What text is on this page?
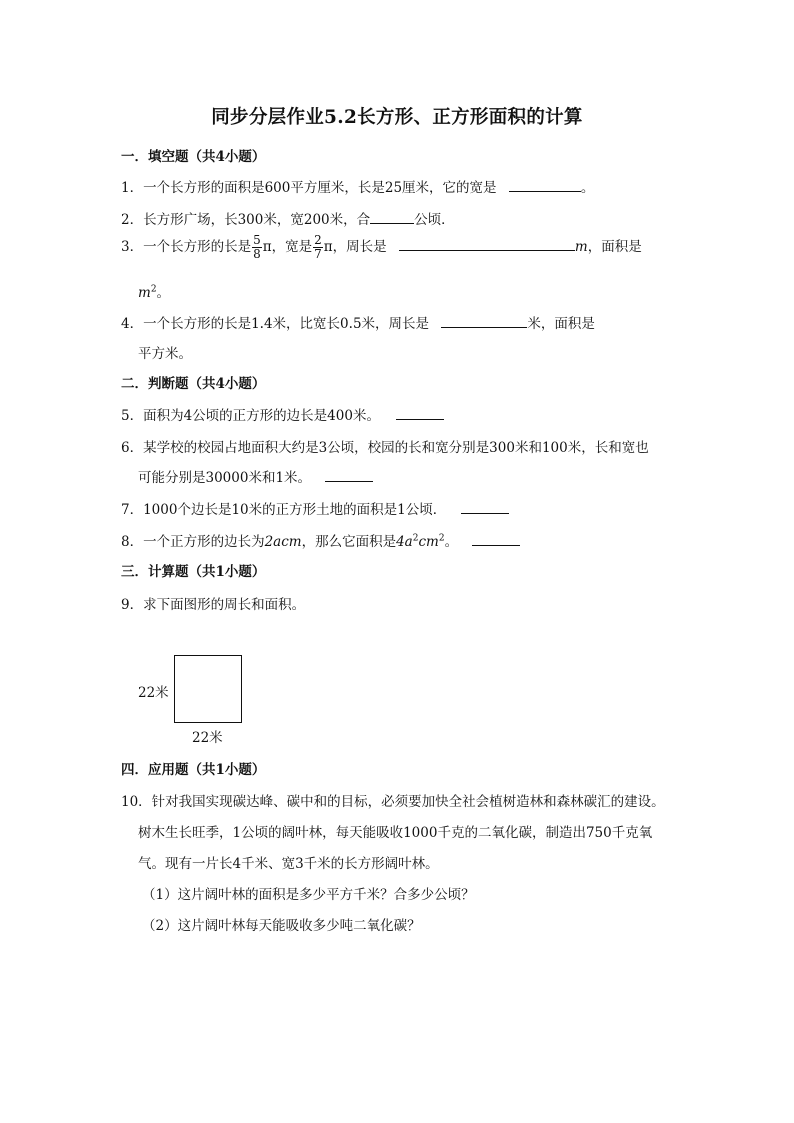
同步分层作业5.2长方形、正方形面积的计算
一．填空题（共4小题）
1．一个长方形的面积是600平方厘米，长是25厘米，它的宽是	。
2．长方形广场，长300米，宽200米，合	公顷．
3．一个长方形的长是 $\frac{5}{8}$ π，宽是 $\frac{2}{7}$ π，周长是	m，面积是
$m^2$。
4．一个长方形的长是1.4米，比宽长0.5米，周长是	米，面积是
平方米。
二．判断题（共4小题）
5．面积为4公顷的正方形的边长是400米。
6．某学校的校园占地面积大约是3公顷，校园的长和宽分别是300米和100米，长和宽也
可能分别是30000米和1米。
7．1000个边长是10米的正方形土地的面积是1公顷．
8．一个正方形的边长为2acm，那么它面积是$4a^2cm^2$。
三．计算题（共1小题）
9．求下面图形的周长和面积。
22米
22米
四．应用题（共1小题）
10．针对我国实现碳达峰、碳中和的目标，必须要加快全社会植树造林和森林碳汇的建设。
树木生长旺季，1公顷的阔叶林，每天能吸收1000千克的二氧化碳，制造出750千克氧
气。现有一片长4千米、宽3千米的长方形阔叶林。
（1）这片阔叶林的面积是多少平方千米？合多少公顷？
（2）这片阔叶林每天能吸收多少吨二氧化碳？
